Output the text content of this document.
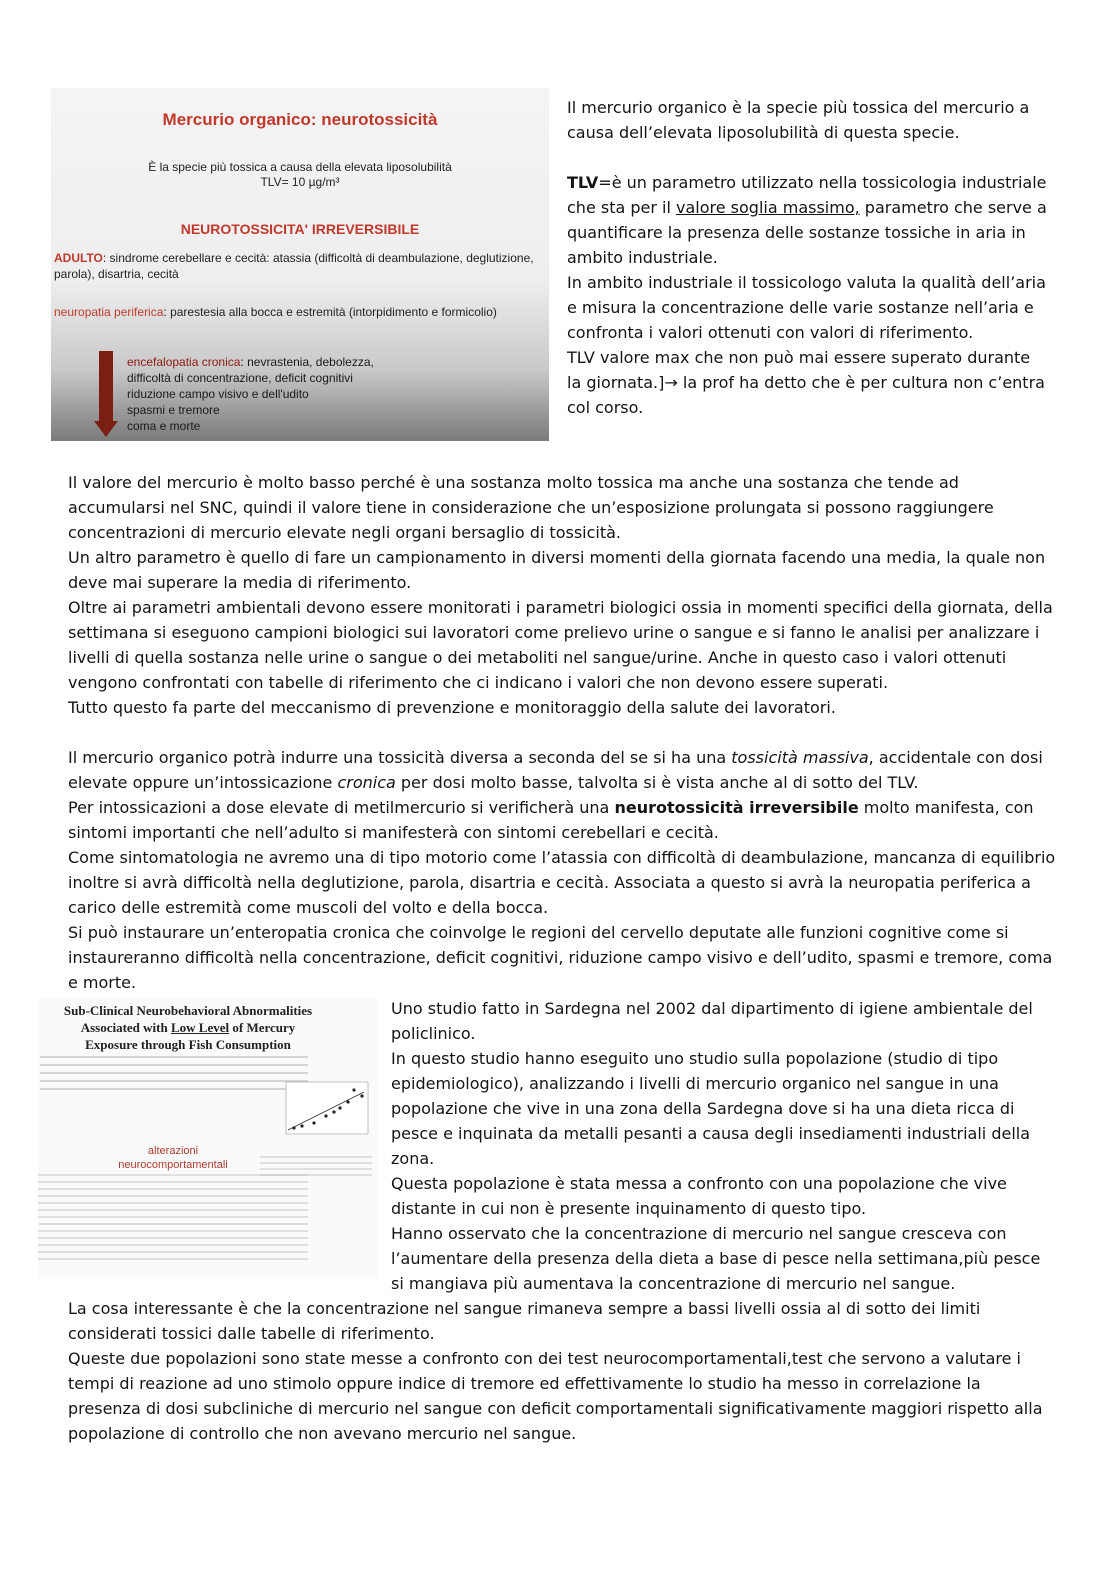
Mercurio organico: neurotossicità
È la specie più tossica a causa della elevata liposolubilità
TLV= 10 µg/m³
NEUROTOSSICITA' IRREVERSIBILE
ADULTO: sindrome cerebellare e cecità: atassia (difficoltà di deambulazione, deglutizione, parola), disartria, cecità
neuropatia periferica: parestesia alla bocca e estremità (intorpidimento e formicolio)
encefalopatia cronica: nevrastenia, debolezza,
difficoltà di concentrazione, deficit cognitivi
riduzione campo visivo e dell'udito
spasmi e tremore
coma e morte

Il mercurio organico è la specie più tossica del mercurio a causa dell’elevata liposolubilità di questa specie.

TLV=è un parametro utilizzato nella tossicologia industriale che sta per il valore soglia massimo, parametro che serve a quantificare la presenza delle sostanze tossiche in aria in ambito industriale.

In ambito industriale il tossicologo valuta la qualità dell’aria e misura la concentrazione delle varie sostanze nell’aria e confronta i valori ottenuti con valori di riferimento.

TLV valore max che non può mai essere superato durante la giornata.]→ la prof ha detto che è per cultura non c’entra col corso.

Il valore del mercurio è molto basso perché è una sostanza molto tossica ma anche una sostanza che tende ad accumularsi nel SNC, quindi il valore tiene in considerazione che un’esposizione prolungata si possono raggiungere concentrazioni di mercurio elevate negli organi bersaglio di tossicità.

Un altro parametro è quello di fare un campionamento in diversi momenti della giornata facendo una media, la quale non deve mai superare la media di riferimento.

Oltre ai parametri ambientali devono essere monitorati i parametri biologici ossia in momenti specifici della giornata, della settimana si eseguono campioni biologici sui lavoratori come prelievo urine o sangue e si fanno le analisi per analizzare i livelli di quella sostanza nelle urine o sangue o dei metaboliti nel sangue/urine. Anche in questo caso i valori ottenuti vengono confrontati con tabelle di riferimento che ci indicano i valori che non devono essere superati.

Tutto questo fa parte del meccanismo di prevenzione e monitoraggio della salute dei lavoratori.

Il mercurio organico potrà indurre una tossicità diversa a seconda del se si ha una tossicità massiva, accidentale con dosi elevate oppure un’intossicazione cronica per dosi molto basse, talvolta si è vista anche al di sotto del TLV.

Per intossicazioni a dose elevate di metilmercurio si verificherà una neurotossicità irreversibile molto manifesta, con sintomi importanti che nell’adulto si manifesterà con sintomi cerebellari e cecità.

Come sintomatologia ne avremo una di tipo motorio come l’atassia con difficoltà di deambulazione, mancanza di equilibrio inoltre si avrà difficoltà nella deglutizione, parola, disartria e cecità. Associata a questo si avrà la neuropatia periferica a carico delle estremità come muscoli del volto e della bocca.

Si può instaurare un’enteropatia cronica che coinvolge le regioni del cervello deputate alle funzioni cognitive come si instaureranno difficoltà nella concentrazione, deficit cognitivi, riduzione campo visivo e dell’udito, spasmi e tremore, coma e morte.

Sub-Clinical Neurobehavioral Abnormalities
Associated with Low Level of Mercury
Exposure through Fish Consumption
alterazioni
neurocomportamentali

Uno studio fatto in Sardegna nel 2002 dal dipartimento di igiene ambientale del policlinico.

In questo studio hanno eseguito uno studio sulla popolazione (studio di tipo epidemiologico), analizzando i livelli di mercurio organico nel sangue in una popolazione che vive in una zona della Sardegna dove si ha una dieta ricca di pesce e inquinata da metalli pesanti a causa degli insediamenti industriali della zona.

Questa popolazione è stata messa a confronto con una popolazione che vive distante in cui non è presente inquinamento di questo tipo.

Hanno osservato che la concentrazione di mercurio nel sangue cresceva con l’aumentare della presenza della dieta a base di pesce nella settimana,più pesce si mangiava più aumentava la concentrazione di mercurio nel sangue.

La cosa interessante è che la concentrazione nel sangue rimaneva sempre a bassi livelli ossia al di sotto dei limiti considerati tossici dalle tabelle di riferimento.

Queste due popolazioni sono state messe a confronto con dei test neurocomportamentali,test che servono a valutare i tempi di reazione ad uno stimolo oppure indice di tremore ed effettivamente lo studio ha messo in correlazione la presenza di dosi subcliniche di mercurio nel sangue con deficit comportamentali significativamente maggiori rispetto alla popolazione di controllo che non avevano mercurio nel sangue.
